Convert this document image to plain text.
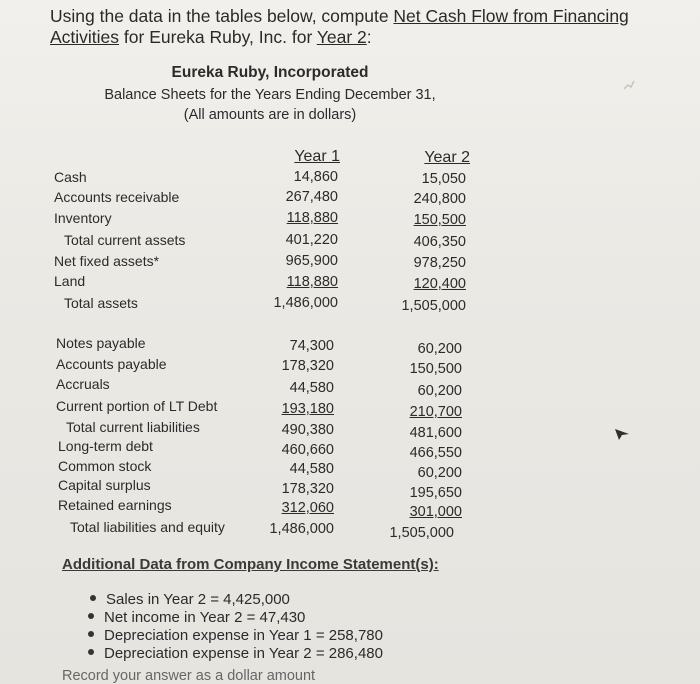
Using the data in the tables below, compute Net Cash Flow from Financing
Activities for Eureka Ruby, Inc. for Year 2:
Eureka Ruby, Incorporated
Balance Sheets for the Years Ending December 31,
(All amounts are in dollars)
Year 1	Year 2
Cash	14,860	15,050
Accounts receivable	267,480	240,800
Inventory	118,880	150,500
Total current assets	401,220	406,350
Net fixed assets*	965,900	978,250
Land	118,880	120,400
Total assets	1,486,000	1,505,000
Notes payable	74,300	60,200
Accounts payable	178,320	150,500
Accruals	44,580	60,200
Current portion of LT Debt	193,180	210,700
Total current liabilities	490,380	481,600
Long-term debt	460,660	466,550
Common stock	44,580	60,200
Capital surplus	178,320	195,650
Retained earnings	312,060	301,000
Total liabilities and equity	1,486,000	1,505,000
Additional Data from Company Income Statement(s):
Sales in Year 2 = 4,425,000
Net income in Year 2 = 47,430
Depreciation expense in Year 1 = 258,780
Depreciation expense in Year 2 = 286,480
Record your answer as a dollar amount
